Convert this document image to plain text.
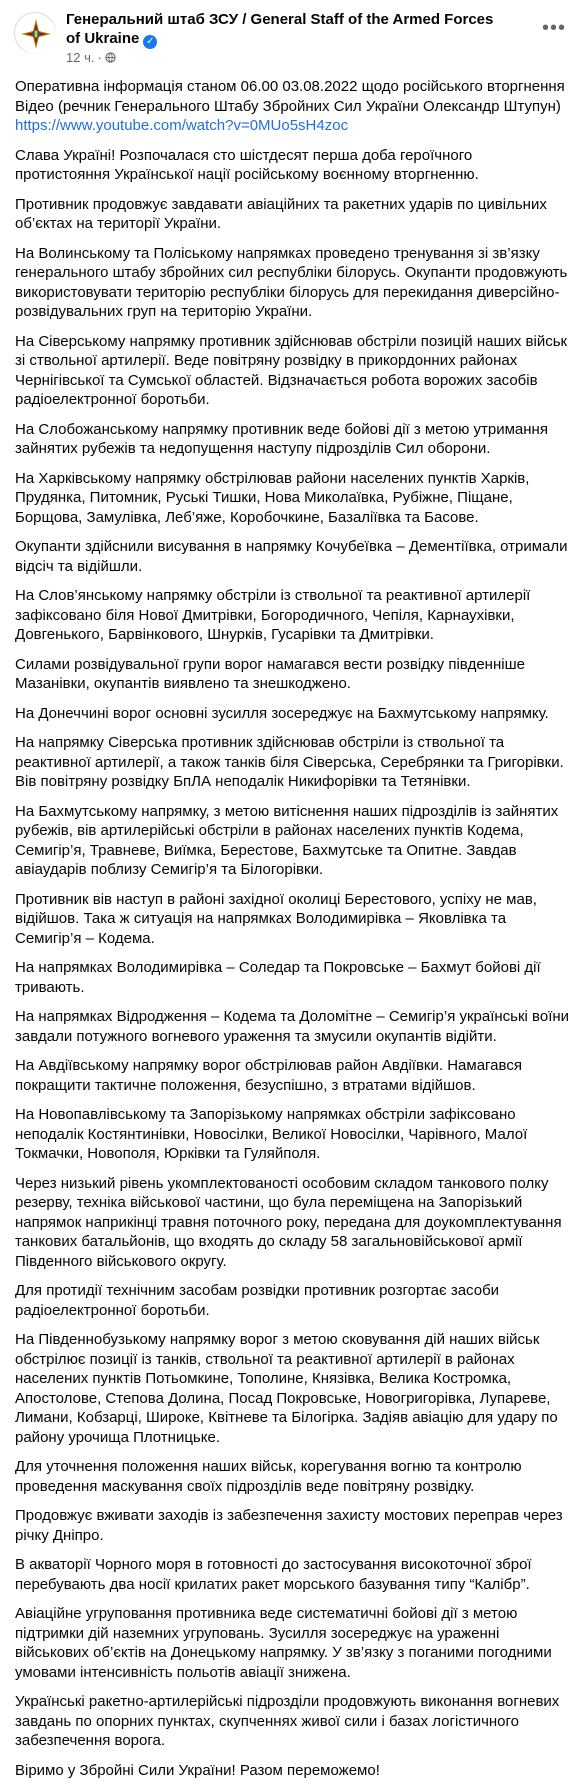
Генеральний штаб ЗСУ / General Staff of the Armed Forces of Ukraine ✓
12 ч. ·
•••

Оперативна інформація станом 06.00 03.08.2022 щодо російського вторгнення
Відео (речник Генерального Штабу Збройних Сил України Олександр Штупун)
https://www.youtube.com/watch?v=0MUo5sH4zoc

Слава Україні! Розпочалася сто шістдесят перша доба героїчного протистояння Української нації російському воєнному вторгненню.

Противник продовжує завдавати авіаційних та ракетних ударів по цивільних об’єктах на території України.

На Волинському та Поліському напрямках проведено тренування зі зв’язку генерального штабу збройних сил республіки білорусь. Окупанти продовжують використовувати територію республіки білорусь для перекидання диверсійно-розвідувальних груп на територію України.

На Сіверському напрямку противник здійснював обстріли позицій наших військ зі ствольної артилерії. Веде повітряну розвідку в прикордонних районах Чернігівської та Сумської областей. Відзначається робота ворожих засобів радіоелектронної боротьби.

На Слобожанському напрямку противник веде бойові дії з метою утримання зайнятих рубежів та недопущення наступу підрозділів Сил оборони.

На Харківському напрямку обстрілював райони населених пунктів Харків, Прудянка, Питомник, Руські Тишки, Нова Миколаївка, Рубіжне, Піщане, Борщова, Замулівка, Леб’яже, Коробочкине, Базаліївка та Басове.

Окупанти здійснили висування в напрямку Кочубеївка – Дементіївка, отримали відсіч та відійшли.

На Слов’янському напрямку обстріли із ствольної та реактивної артилерії зафіксовано біля Нової Дмитрівки, Богородичного, Чепіля, Карнаухівки, Довгенького, Барвінкового, Шнурків, Гусарівки та Дмитрівки.

Силами розвідувальної групи ворог намагався вести розвідку південніше Мазанівки, окупантів виявлено та знешкоджено.

На Донеччині ворог основні зусилля зосереджує на Бахмутському напрямку.

На напрямку Сіверська противник здійснював обстріли із ствольної та реактивної артилерії, а також танків біля Сіверська, Серебрянки та Григорівки. Вів повітряну розвідку БпЛА неподалік Никифорівки та Тетянівки.

На Бахмутському напрямку, з метою витіснення наших підрозділів із зайнятих рубежів, вів артилерійські обстріли в районах населених пунктів Кодема, Семигір’я, Травневе, Виїмка, Берестове, Бахмутське та Опитне. Завдав авіаударів поблизу Семигір’я та Білогорівки.

Противник вів наступ в районі західної околиці Берестового, успіху не мав, відійшов. Така ж ситуація на напрямках Володимирівка – Яковлівка та Семигір’я – Кодема.

На напрямках Володимирівка – Соледар та Покровське – Бахмут бойові дії тривають.

На напрямках Відродження – Кодема та Доломітне – Семигір’я українські воїни завдали потужного вогневого ураження та змусили окупантів відійти.

На Авдіївському напрямку ворог обстрілював район Авдіївки. Намагався покращити тактичне положення, безуспішно, з втратами відійшов.

На Новопавлівському та Запорізькому напрямках обстріли зафіксовано неподалік Костянтинівки, Новосілки, Великої Новосілки, Чарівного, Малої Токмачки, Новополя, Юрківки та Гуляйполя.

Через низький рівень укомплектованості особовим складом танкового полку резерву, техніка військової частини, що була переміщена на Запорізький напрямок наприкінці травня поточного року, передана для доукомплектування танкових батальйонів, що входять до складу 58 загальновійськової армії Південного військового округу.

Для протидії технічним засобам розвідки противник розгортає засоби радіоелектронної боротьби.

На Південнобузькому напрямку ворог з метою сковування дій наших військ обстрілює позиції із танків, ствольної та реактивної артилерії в районах населених пунктів Потьомкине, Тополине, Князівка, Велика Костромка, Апостолове, Степова Долина, Посад Покровське, Новогригорівка, Лупареве, Лимани, Кобзарці, Широке, Квітневе та Білогірка. Задіяв авіацію для удару по району урочища Плотницьке.

Для уточнення положення наших військ, корегування вогню та контролю проведення маскування своїх підрозділів веде повітряну розвідку.

Продовжує вживати заходів із забезпечення захисту мостових переправ через річку Дніпро.

В акваторії Чорного моря в готовності до застосування високоточної зброї перебувають два носії крилатих ракет морського базування типу “Калібр”.

Авіаційне угруповання противника веде систематичні бойові дії з метою підтримки дій наземних угруповань. Зусилля зосереджує на ураженні військових об’єктів на Донецькому напрямку. У зв’язку з поганими погодними умовами інтенсивність польотів авіації знижена.

Українські ракетно-артилерійські підрозділи продовжують виконання вогневих завдань по опорних пунктах, скупченнях живої сили і базах логістичного забезпечення ворога.

Віримо у Збройні Сили України! Разом переможемо!
